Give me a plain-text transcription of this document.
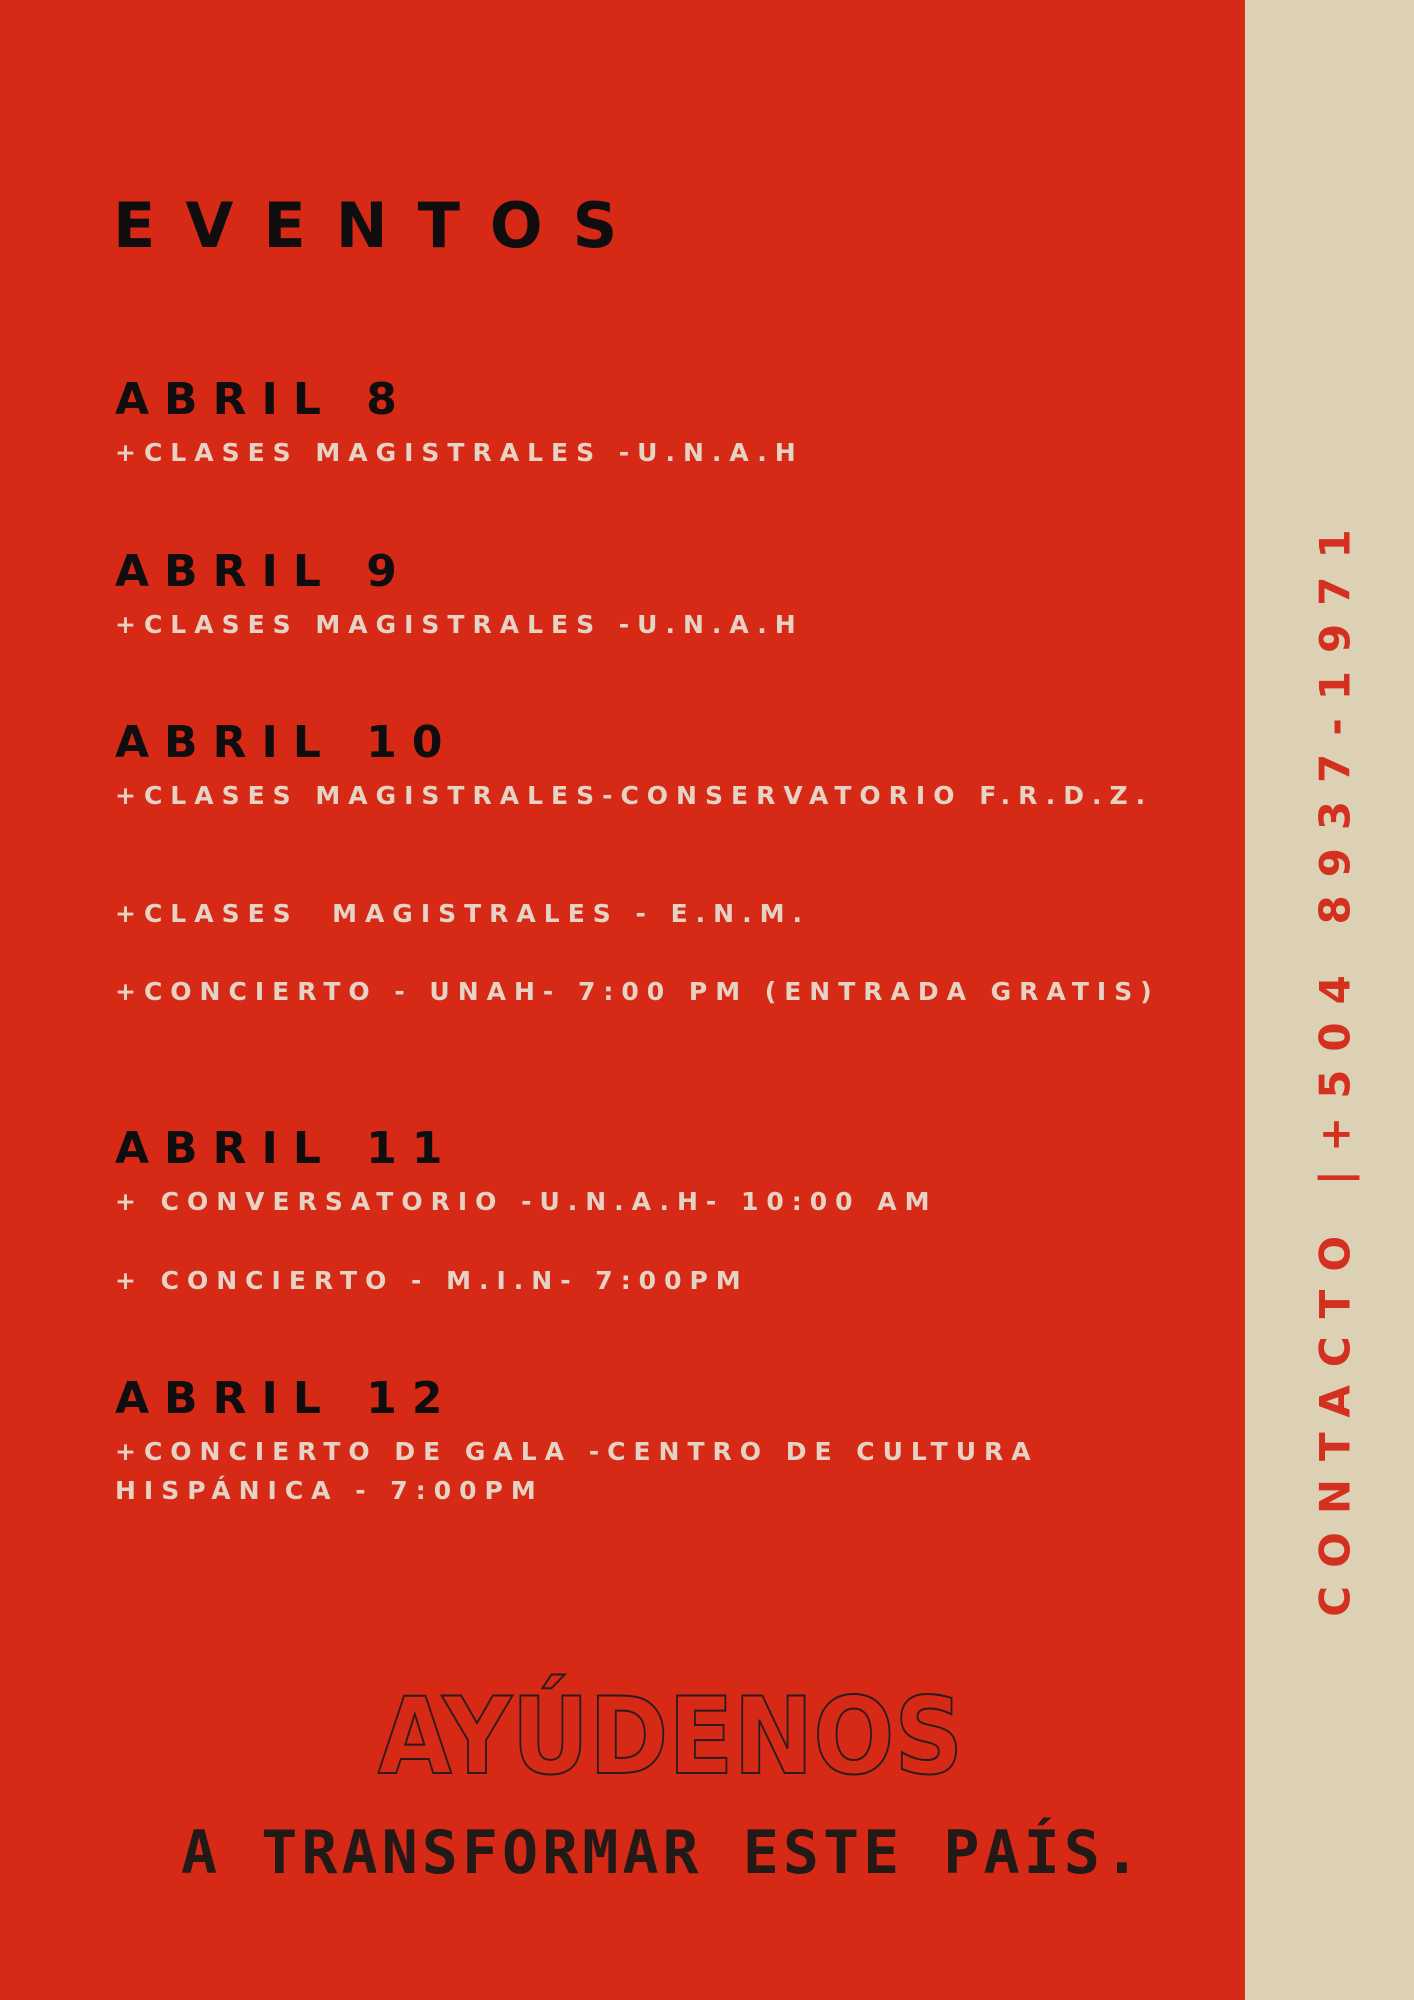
EVENTOS
ABRIL 8

+CLASES MAGISTRALES -U.N.A.H

ABRIL 9

+CLASES MAGISTRALES -U.N.A.H

ABRIL 10

+CLASES MAGISTRALES-CONSERVATORIO F.R.D.Z.

+CLASES  MAGISTRALES - E.N.M.

+CONCIERTO - UNAH- 7:00 PM (ENTRADA GRATIS)

ABRIL 11

+ CONVERSATORIO -U.N.A.H- 10:00 AM

+ CONCIERTO - M.I.N- 7:00PM

ABRIL 12

+CONCIERTO DE GALA -CENTRO DE CULTURA HISPÁNICA - 7:00PM

AYÚDENOS
A TRANSFORMAR ESTE PAÍS.
CONTACTO |+504 8937-1971
